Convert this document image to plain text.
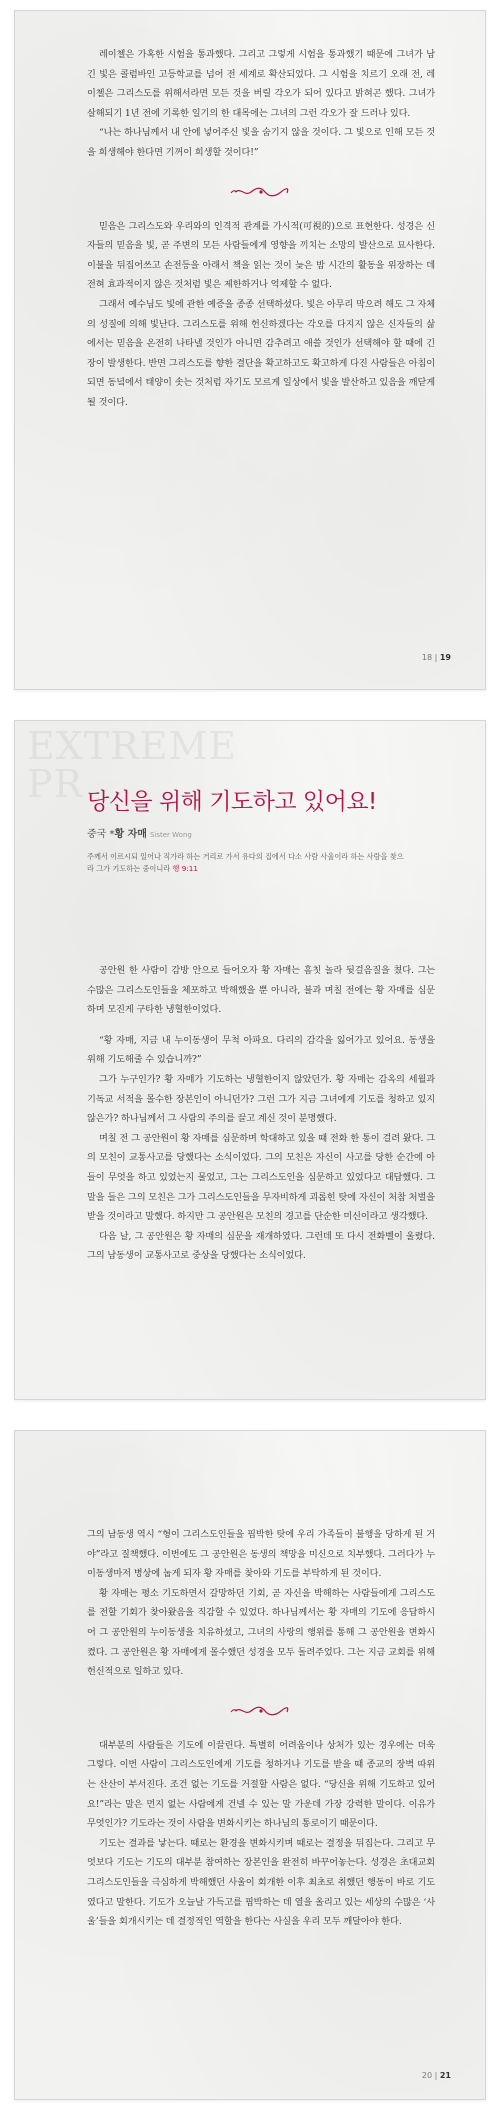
레이첼은 가혹한 시험을 통과했다. 그리고 그렇게 시험을 통과했기 때문에 그녀가 남긴 빛은 콜럼바인 고등학교를 넘어 전 세계로 확산되었다. 그 시험을 치르기 오래 전, 레이첼은 그리스도를 위해서라면 모든 것을 버릴 각오가 되어 있다고 밝혀곤 했다. 그녀가 살해되기 1년 전에 기록한 일기의 한 대목에는 그녀의 그런 각오가 잘 드러나 있다.

“나는 하나님께서 내 안에 넣어주신 빛을 숨기지 않을 것이다. 그 빛으로 인해 모든 것을 희생해야 한다면 기꺼이 희생할 것이다!”

믿음은 그리스도와 우리와의 인격적 관계를 가시적(可視的)으로 표현한다. 성경은 신자들의 믿음을 빛, 곧 주변의 모든 사람들에게 영향을 끼치는 소망의 발산으로 묘사한다. 이불을 뒤집어쓰고 손전등을 아래서 책을 읽는 것이 늦은 밤 시간의 활동을 위장하는 데 전혀 효과적이지 않은 것처럼 빛은 제한하거나 억제할 수 없다.

그래서 예수님도 빛에 관한 예증을 종종 선택하셨다. 빛은 아무리 막으려 해도 그 자체의 성질에 의해 빛난다. 그리스도를 위해 헌신하겠다는 각오를 다지지 않은 신자들의 삶에서는 믿음을 온전히 나타낼 것인가 아니면 감추려고 애쓸 것인가 선택해야 할 때에 긴장이 발생한다. 반면 그리스도를 향한 결단을 확고하고도 확고하게 다진 사람들은 아침이 되면 동녘에서 태양이 솟는 것처럼 자기도 모르게 일상에서 빛을 발산하고 있음을 깨닫게 될 것이다.

18 | 19
EXTREME
PR 당신을 위해 기도하고 있어요!
중국 *황 자매 Sister Wong
주께서 이르시되 일어나 직가라 하는 거리로 가서 유다의 집에서 다소 사람 사울이라 하는 사람을 찾으라 그가 기도하는 중이니라 행 9:11

공안원 한 사람이 감방 안으로 들어오자 황 자매는 흠칫 놀라 뒷걸음질을 쳤다. 그는 수많은 그리스도인들을 체포하고 박해했을 뿐 아니라, 불과 며칠 전에는 황 자매를 심문하며 모진게 구타한 냉혈한이었다.

“황 자매, 지금 내 누이동생이 무척 아파요. 다리의 감각을 잃어가고 있어요. 동생을 위해 기도해줄 수 있습니까?”

그가 누구인가? 황 자매가 기도하는 냉혈한이지 않았던가. 황 자매는 감옥의 세월과 기독교 서적을 몰수한 장본인이 아니던가? 그런 그가 지금 그녀에게 기도를 청하고 있지 않은가? 하나님께서 그 사람의 주의를 끌고 계신 것이 분명했다.

며칠 전 그 공안원이 황 자매를 심문하며 학대하고 있을 때 전화 한 통이 걸려 왔다. 그의 모친이 교통사고를 당했다는 소식이었다. 그의 모친은 자신이 사고를 당한 순간에 아들이 무엇을 하고 있었는지 물었고, 그는 그리스도인을 심문하고 있었다고 대답했다. 그 말을 들은 그의 모친은 그가 그리스도인들을 무자비하게 괴롭힌 탓에 자신이 처참 처벌을 받을 것이라고 말했다. 하지만 그 공안원은 모친의 경고를 단순한 미신이라고 생각했다.

다음 날, 그 공안원은 황 자매의 심문을 재개하였다. 그런데 또 다시 전화벨이 울렸다. 그의 남동생이 교통사고로 중상을 당했다는 소식이었다.

그의 남동생 역시 “형이 그리스도인들을 핍박한 탓에 우리 가족들이 불행을 당하게 된 거야”라고 질책했다. 이번에도 그 공안원은 동생의 책망을 미신으로 치부했다. 그러다가 누이동생마저 병상에 눕게 되자 황 자매를 찾아와 기도를 부탁하게 된 것이다.

황 자매는 평소 기도하면서 갈망하던 기회, 곧 자신을 박해하는 사람들에게 그리스도를 전할 기회가 찾아왔음을 직감할 수 있었다. 하나님께서는 황 자매의 기도에 응답하시어 그 공안원의 누이동생을 치유하셨고, 그녀의 사랑의 행위를 통해 그 공안원을 변화시켰다. 그 공안원은 황 자매에게 몰수했던 성경을 모두 돌려주었다. 그는 지금 교회를 위해 헌신적으로 일하고 있다.

대부분의 사람들은 기도에 이끌린다. 특별히 어려움이나 상처가 있는 경우에는 더욱 그렇다. 이번 사람이 그리스도인에게 기도를 청하거나 기도를 받을 때 종교의 장벽 따위는 산산이 부서진다. 조건 없는 기도를 거절할 사람은 없다. “당신을 위해 기도하고 있어요!”라는 말은 먼지 없는 사람에게 건넬 수 있는 말 가운데 가장 강력한 말이다. 이유가 무엇인가? 기도라는 것이 사람을 변화시키는 하나님의 통로이기 때문이다.

기도는 결과를 낳는다. 때로는 환경을 변화시키며 때로는 결정을 뒤집는다. 그리고 무엇보다 기도는 기도의 대부분 참여하는 장본인을 완전히 바꾸어놓는다. 성경은 초대교회 그리스도인들을 극심하게 박해했던 사울이 회개한 이후 최초로 취했던 행동이 바로 기도였다고 말한다. 기도가 오늘날 가득고를 핍박하는 데 열을 올리고 있는 세상의 수많은 ‘사울’들을 회개시키는 데 결정적인 역할을 한다는 사실을 우리 모두 깨달아야 한다.

20 | 21
